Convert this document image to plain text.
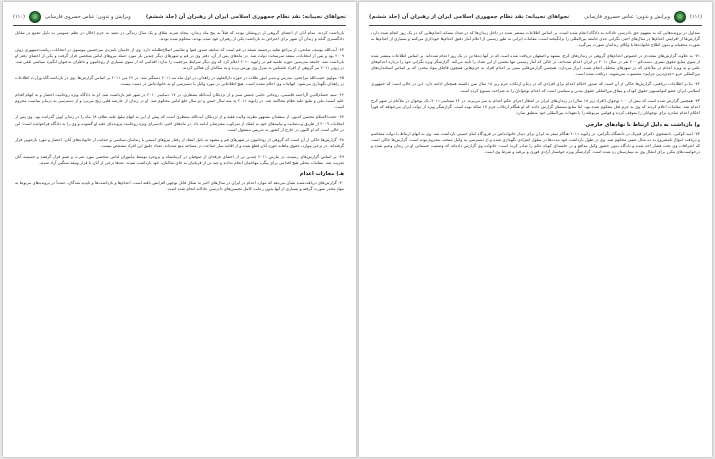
نجواهای نجیبانه: نقد نظام جمهوری اسلامی ایران از رهبران آن (جلد ششم)
ویرایش و تدوین: عباس خسروی فارسانی
(۱۱۰)

بازداشت کردند. تمام آنان از اعضای گروهی از درویشان بودند که قبلاً به پنج ماه زندان، پنجاه ضربه شلاق و یک سال زندگی در تبعید به جرم اخلال در نظم عمومی به دلیل تجمع در مقابل دادگستری گنابد و زندان آن شهر برای اعتراض به بازداشت یکی از رهبران خود شده بودند، محکوم شده بودند.

۶۴- آیت‌الله یوسف صانعی، از مراجع تقلید برجسته شیعه در قم است که سابقه صدور فتوا و تفاسیر اصلاح‌طلبانه دارد. وی از حامیان نامزدی میرحسین موسوی در انتخابات ریاست‌جمهوری ژوئن ۲۰۰۹ بود و پس از انتخابات، منتقد سرسخت دولت شد. در ماه‌های پس از آن، دفتر وی در قم و شهرهای دیگر چندین بار مورد حمله نیروهای لباس شخصی قرار گرفت و یکی از اعضای دفتر او بازداشت شد. جامعه مدرسین حوزه علمیه قم در ژانویه ۲۰۱۰ اعلام کرد که وی دیگر شرایط مرجعیت را ندارد؛ اقدامی که از سوی بسیاری از روحانیون و ناظران به‌عنوان انگیزه سیاسی تلقی شد. در ژوئن ۲۰۱۱ نیز گروهی از افراد ناشناس به منزل وی یورش برده و به ساکنان آن هتاکی کردند.

۶۵- مولوی حبیب‌الله مراجعی، مدرس و مدیر امور طلاب در حوزه دارالعلوم در زاهدان، در اول ماه مه ۲۰۱۱ دستگیر شد. در ۲۶ می ۲۰۱۱ بر اساس گزارش‌ها، وی در بازداشت‌گاه وزارت اطلاعات در زاهدان نگهداری می‌شود. اتهامات وی اعلام نشده است. هیچ اطلاعاتی در مورد وکیل یا دسترسی او به خانواده‌اش در دست نیست.

۶۶- سید حسام‌الدین آل‌احمد قاسمی، روحانی حامی جنبش سبز و از نزدیکان آیت‌الله منتظری، در ۱۷ دسامبر ۲۰۱۰ در شهر قم بازداشت شد. او به دادگاه ویژه روحانیت احضار و به اتهام اقدام علیه امنیت ملی و تبلیغ علیه نظام محاکمه شد. در ژانویه ۲۰۱۱ به سه سال حبس و دو سال خلع لباس محکوم شد. او در زندان از عارضه قلبی رنج می‌برد و از دسترسی به درمان مناسب محروم است.

۶۷- حجت‌الاسلام محسن کدیور، از منتقدان مشهور نظریه ولایت فقیه و از نزدیکان آیت‌الله منتظری است که پیش از این به اتهام تبلیغ علیه نظام، ۱۸ ماه را در زندان اوین گذرانده بود. وی پس از انتخابات ۲۰۰۹ از طریق وب‌سایت و بیانیه‌های خود به انتقاد از سرکوب معترضان ادامه داد. در ماه‌های اخیر، دادسرای ویژه روحانیت پرونده‌ای علیه او گشوده و وی را به دادگاه فراخوانده است؛ این در حالی است که او اکنون در خارج از کشور به تدریس مشغول است.

۶۸- گزارش‌ها حاکی از آن است که گروهی از روحانیون در شهرهای قم و مشهد به دلیل انتقاد از رفتار نیروهای امنیتی با زندانیان سیاسی و حمایت از خانواده‌های آنان، احضار و مورد بازجویی قرار گرفته‌اند. در برخی موارد، حقوق ماهانه حوزه آنان قطع شده و از اقامه نماز جماعت در مساجد منع شده‌اند. تعداد دقیق این افراد مشخص نیست.

۶۹- بر اساس گزارش‌های رسیده، در مارس ۲۰۱۱ چندین تن از اعضای فرقه‌ای از صوفیان در کرمانشاه و بروجرد توسط مأموران لباس شخصی مورد ضرب و شتم قرار گرفتند و حسینیه آنان تخریب شد. مقامات محلی هیچ اقدامی برای پیگرد مهاجمان انجام ندادند و چند تن از قربانیان به جای شاکیان، خود بازداشت شدند. بعدها برخی از آنان با قرار وثیقه سنگین آزاد شدند.

هـ) مجازات اعدام

۷۰- گزارش‌های دریافت‌شده نشان می‌دهد که موارد اعدام در ایران در سال‌های اخیر به شکل قابل توجهی افزایش یافته است. اعدام‌ها و بازداشت‌ها و ناپدید شدگان، عمدتاً در پرونده‌های مربوط به مواد مخدر صورت گرفته و بسیاری از آنها بدون رعایت کامل تضمین‌های دادرسی عادلانه انجام شده است.

(۱۱۱)
ویرایش و تدوین: عباس خسروی فارسانی
نجواهای نجیبانه: نقد نظام جمهوری اسلامی ایران از رهبران آن (جلد ششم)

متداول در پرونده‌هایی که به مفهوم حق دادرسی عادلانه به دادگاه انجام شده است، بر اساس اطلاعات منتشر شده در داخل زندان‌ها که در تعداد مشابه اعدام‌هایی که در یک روز انجام شده دارد، گزارش‌ها از افزایش اعدام‌ها در سال‌های اخیر، نگرانی جدی جامعه بین‌المللی را برانگیخته است. مقامات ایرانی به طور رسمی از اعلام آمار دقیق اعدام‌ها خودداری می‌کنند و بسیاری از اعدام‌ها به صورت مخفیانه و بدون اطلاع خانواده‌ها یا وکلای زندانیان صورت می‌گیرد.

۷۱- به علاوه، گزارش‌های متعددی در خصوص اعدام‌های گروهی در زندان‌های کرج، مشهد و اصفهان دریافت شده است که در آنها ده‌ها تن در یک روز اعدام شده‌اند. بر اساس اطلاعات منتشر شده از سوی منابع حقوق بشری، دست‌کم ۶۰۰ نفر در سال ۲۰۱۱ در ایران اعدام شده‌اند، در حالی که آمار رسمی تنها بخشی از این تعداد را تأیید می‌کند. گزارشگر ویژه نگرانی خود را درباره اعدام‌های علنی و به ویژه اعدام در ملأعام، که در شهرهای مختلف انجام شده، ابراز می‌دارد. همچنین گزارش‌هایی مبنی بر اعدام افراد به جرم‌هایی همچون قاچاق مواد مخدر، که بر اساس استانداردهای بین‌المللی جزو «جدی‌ترین جرایم» محسوب نمی‌شوند، دریافت شده است.

۷۲- بنا بر اطلاعات دریافتی، گزارش‌ها حاکی از آن است که صدور احکام اعدام برای افرادی که در زمان ارتکاب جرم زیر ۱۸ سال سن داشتند همچنان ادامه دارد. این در حالی است که جمهوری اسلامی ایران عضو کنوانسیون حقوق کودک و میثاق بین‌المللی حقوق مدنی و سیاسی است که اعدام نوجوانان را به صراحت ممنوع کرده است.

۷۳- همچنین گزارش شده است که بیش از ۱۰۰ نوجوان (افراد زیر ۱۸ سال) در زندان‌های ایران در انتظار اجرای حکم اعدام به سر می‌برند. در ۲۲ سپتامبر ۲۰۱۱، یک نوجوان در ملأعام در شهر کرج اعدام شد. مقامات اعلام کردند که وی به جرم قتل محکوم شده بود، اما منابع مستقل گزارش دادند که او هنگام ارتکاب جرم ۱۷ ساله بوده است. گزارشگر ویژه از دولت ایران می‌خواهد که فوراً احکام اعدام صادره برای نوجوانان را متوقف کرده و قوانین مربوطه را با تعهدات بین‌المللی خود منطبق سازد.

و) بازداشت به دلیل ارتباط با نهادهای خارجی

۷۴- امید کوکبی، دانشجوی دکترای فیزیک در دانشگاه تگزاس، در ژانویه ۲۰۱۱ هنگام سفر به ایران برای دیدار خانواده‌اش در فرودگاه امام خمینی بازداشت شد. وی به اتهام ارتباط با دولت متخاصم و دریافت اموال نامشروع به ده سال حبس محکوم شد. وی در طول بازداشت خود مدت‌ها در سلول انفرادی نگهداری شده و از دسترسی به وکیل منتخب محروم بوده است. گزارش‌ها حاکی است که اعترافات وی تحت فشار اخذ شده و دادگاه بدون حضور وکیل مدافع و در جلسه‌ای کوتاه حکم را صادر کرده است. خانواده وی گزارش داده‌اند که وضعیت جسمانی او در زندان وخیم شده و درخواست‌های مکرر برای انتقال وی به بیمارستان رد شده است. گزارشگر ویژه خواستار آزادی فوری و بی‌قید و شرط وی است.
